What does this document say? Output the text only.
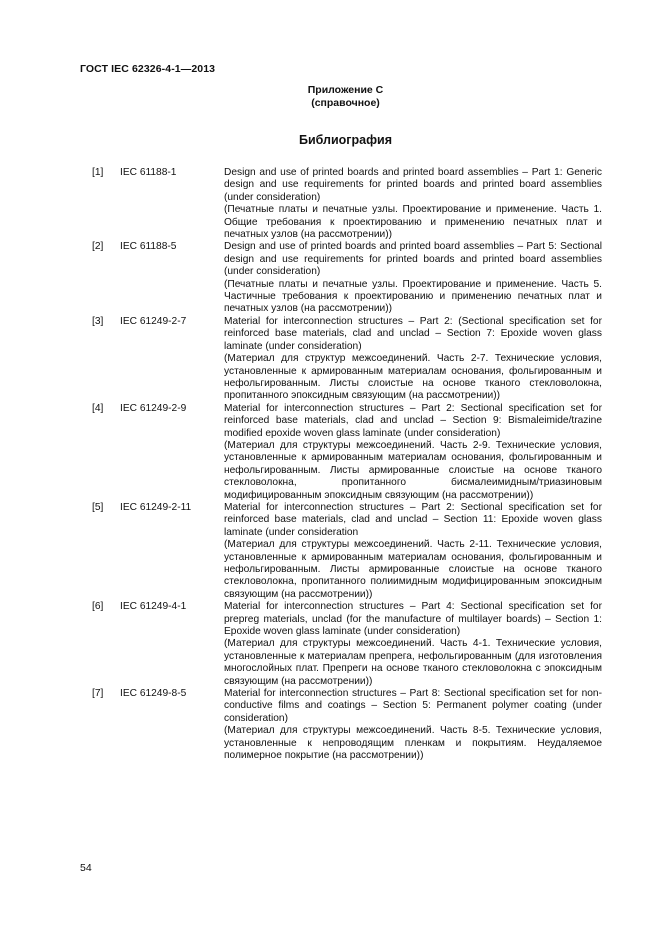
ГОСТ IEC 62326-4-1—2013
Приложение С
(справочное)
Библиография
[1]	IEC 61188-1	Design and use of printed boards and printed board assemblies – Part 1: Generic design and use requirements for printed boards and printed board assemblies (under consideration)

(Печатные платы и печатные узлы. Проектирование и применение. Часть 1. Общие требования к проектированию и применению печатных плат и печатных узлов (на рассмотрении))

[2]	IEC 61188-5	Design and use of printed boards and printed board assemblies – Part 5: Sectional design and use requirements for printed boards and printed board assemblies (under consideration)

(Печатные платы и печатные узлы. Проектирование и применение. Часть 5. Частичные требования к проектированию и применению печатных плат и печатных узлов (на рассмотрении))

[3]	IEC 61249-2-7	Material for interconnection structures – Part 2: (Sectional specification set for reinforced base materials, clad and unclad – Section 7: Epoxide woven glass laminate (under consideration)

(Материал для структур межсоединений. Часть 2-7. Технические условия, установленные к армированным материалам основания, фольгированным и нефольгированным. Листы слоистые на основе тканого стекловолокна, пропитанного эпоксидным связующим (на рассмотрении))

[4]	IEC 61249-2-9	Material for interconnection structures – Part 2: Sectional specification set for reinforced base materials, clad and unclad – Section 9: Bismaleimide/trazine modified epoxide woven glass laminate (under consideration)

(Материал для структуры межсоединений. Часть 2-9. Технические условия, установленные к армированным материалам основания, фольгированным и нефольгированным. Листы армированные слоистые на основе тканого стекловолокна, пропитанного бисмалеимидным/триазиновым модифицированным эпоксидным связующим (на рассмотрении))

[5]	IEC 61249-2-11	Material for interconnection structures – Part 2: Sectional specification set for reinforced base materials, clad and unclad – Section 11: Epoxide woven glass laminate (under consideration

(Материал для структуры межсоединений. Часть 2-11. Технические условия, установленные к армированным материалам основания, фольгированным и нефольгированным. Листы армированные слоистые на основе тканого стекловолокна, пропитанного полиимидным модифицированным эпоксидным связующим (на рассмотрении))

[6]	IEC 61249-4-1	Material for interconnection structures – Part 4: Sectional specification set for prepreg materials, unclad (for the manufacture of multilayer boards) – Section 1: Epoxide woven glass laminate (under consideration)

(Материал для структуры межсоединений. Часть 4-1. Технические условия, установленные к материалам препрега, нефольгированным (для изготовления многослойных плат. Препреги на основе тканого стекловолокна с эпоксидным связующим (на рассмотрении))

[7]	IEC 61249-8-5	Material for interconnection structures – Part 8: Sectional specification set for non- conductive films and coatings – Section 5: Permanent polymer coating (under consideration)

(Материал для структуры межсоединений. Часть 8-5. Технические условия, установленные к непроводящим пленкам и покрытиям. Неудаляемое полимерное покрытие (на рассмотрении))

54
